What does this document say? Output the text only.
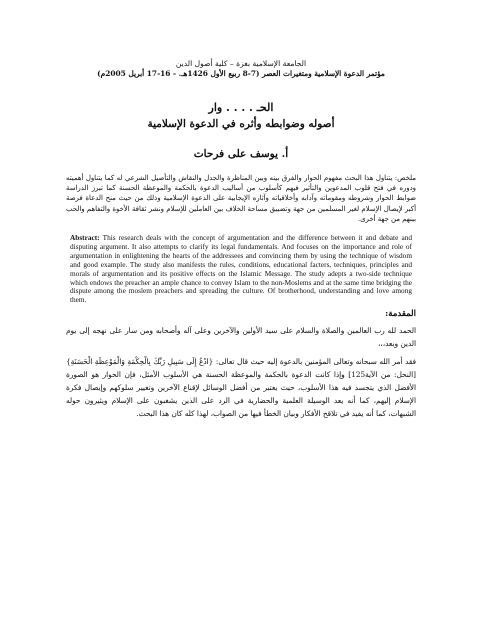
الجامعة الإسلامية بغزة – كلية أصول الدين
مؤتمر الدعوة الإسلامية ومتغيرات العصر (7-8 ربيع الأول 1426هـ. - 16-17 أبريل 2005م)
الحـ . . . . وار
أصوله وضوابطه وأثره في الدعوة الإسلامية
أ. يوسف على فرحات
ملخص: يتناول هذا البحث مفهوم الحوار والفرق بينه وبين المناظرة والجدل والنقاش والتأصيل الشرعي له كما يتناول أهميته ودوره في فتح قلوب المدعوين والتأثير فيهم كأسلوب من أساليب الدعوة بالحكمة والموعظة الحسنة كما تبرز الدراسة ضوابط الحوار وشروطه ومقوماته وآدابه وأخلاقياته وآثاره الإيجابية على الدعوة الإسلامية وذلك من حيث منح الدعاة فرصة أكبر لإيصال الإسلام لغير المسلمين من جهة وتضييق مساحة الخلاف بين العاملين للإسلام ونشر ثقافة الأخوة والتفاهم والحب بينهم من جهة أخرى.
Abstract: This research deals with the concept of argumentation and the difference between it and debate and disputing argument. It also attempts to clarify its legal fundamentals. And focuses on the importance and role of argumentation in enlightening the hearts of the addressees and convincing them by using the technique of wisdom and good example. The study also manifests the rules, conditions, educational facters, techniques, principles and morals of argumentation and its positive effects on the Islamic Message. The study adepts a two-side technique which endows the preacher an ample chance to convey Islam to the non-Moslems and at the same time bridging the dispute among the moslem preachers and spreading the culture. Of brotherhood, understanding and love among them.
المقدمة:
الحمد لله رب العالمين والصلاة والسلام على سيد الأولين والآخرين وعلى آله وأصحابه ومن سار على نهجه إلى يوم الدين وبعد،،،
فقد أمر الله سبحانه وتعالى المؤمنين بالدعوة إليه حيث قال تعالى: {ادْعُ إِلَى سَبِيلِ رَبِّكَ بِالْحِكْمَةِ وَالْمَوْعِظَةِ الْحَسَنَةِ}[النحل: من الآية125] وإذا كانت الدعوة بالحكمة والموعظة الحسنة هي الأسلوب الأمثل، فإن الحوار هو الصورة الأفضل الذي يتجسد فيه هذا الأسلوب، حيث يعتبر من أفضل الوسائل لإقناع الآخرين وتغيير سلوكهم وإيصال فكرة الإسلام إليهم، كما أنه يعد الوسيلة العلمية والحضارية في الرد على الذين يشغبون على الإسلام ويثيرون حوله الشبهات، كما أنه يفيد في تلاقح الأفكار وبيان الخطأ فيها من الصواب، لهذا كله كان هذا البحث.
